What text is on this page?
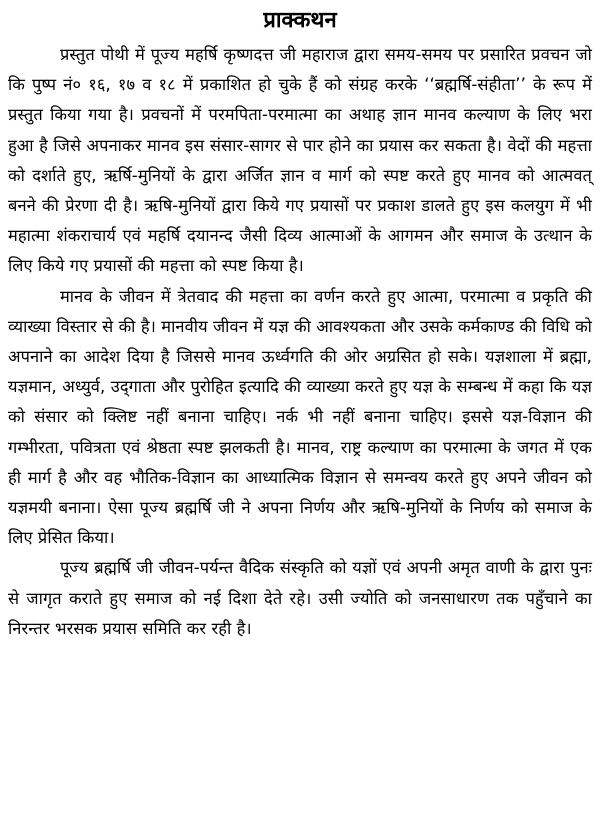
प्राक्कथन

प्रस्तुत पोथी में पूज्य महर्षि कृष्णदत्त जी महाराज द्वारा समय-समय पर प्रसारित प्रवचन जो कि पुष्प नं० १६, १७ व १८ में प्रकाशित हो चुके हैं को संग्रह करके ‘‘ब्रह्मर्षि-संहीता’’ के रूप में प्रस्तुत किया गया है। प्रवचनों में परमपिता-परमात्मा का अथाह ज्ञान मानव कल्याण के लिए भरा हुआ है जिसे अपनाकर मानव इस संसार-सागर से पार होने का प्रयास कर सकता है। वेदों की महत्ता को दर्शाते हुए, ऋर्षि-मुनियों के द्वारा अर्जित ज्ञान व मार्ग को स्पष्ट करते हुए मानव को आत्मवत् बनने की प्रेरणा दी है। ऋषि-मुनियों द्वारा किये गए प्रयासों पर प्रकाश डालते हुए इस कलयुग में भी महात्मा शंकराचार्य एवं महर्षि दयानन्द जैसी दिव्य आत्माओं के आगमन और समाज के उत्थान के लिए किये गए प्रयासों की महत्ता को स्पष्ट किया है।

मानव के जीवन में त्रेतवाद की महत्ता का वर्णन करते हुए आत्मा, परमात्मा व प्रकृति की व्याख्या विस्तार से की है। मानवीय जीवन में यज्ञ की आवश्यकता और उसके कर्मकाण्ड की विधि को अपनाने का आदेश दिया है जिससे मानव ऊर्ध्वगति की ओर अग्रसित हो सके। यज्ञशाला में ब्रह्मा, यज्ञमान, अध्युर्व, उद्‌गाता और पुरोहित इत्यादि की व्याख्या करते हुए यज्ञ के सम्बन्ध में कहा कि यज्ञ को संसार को क्लिष्ट नहीं बनाना चाहिए। नर्क भी नहीं बनाना चाहिए। इससे यज्ञ-विज्ञान की गम्भीरता, पवित्रता एवं श्रेष्ठता स्पष्ट झलकती है। मानव, राष्ट्र कल्याण का परमात्मा के जगत में एक ही मार्ग है और वह भौतिक-विज्ञान का आध्यात्मिक विज्ञान से समन्वय करते हुए अपने जीवन को यज्ञमयी बनाना। ऐसा पूज्य ब्रह्मर्षि जी ने अपना निर्णय और ऋषि-मुनियों के निर्णय को समाज के लिए प्रेसित किया।

पूज्य ब्रह्मर्षि जी जीवन-पर्यन्त वैदिक संस्कृति को यज्ञों एवं अपनी अमृत वाणी के द्वारा पुनः से जागृत कराते हुए समाज को नई दिशा देते रहे। उसी ज्योति को जनसाधारण तक पहुँचाने का निरन्तर भरसक प्रयास समिति कर रही है।
